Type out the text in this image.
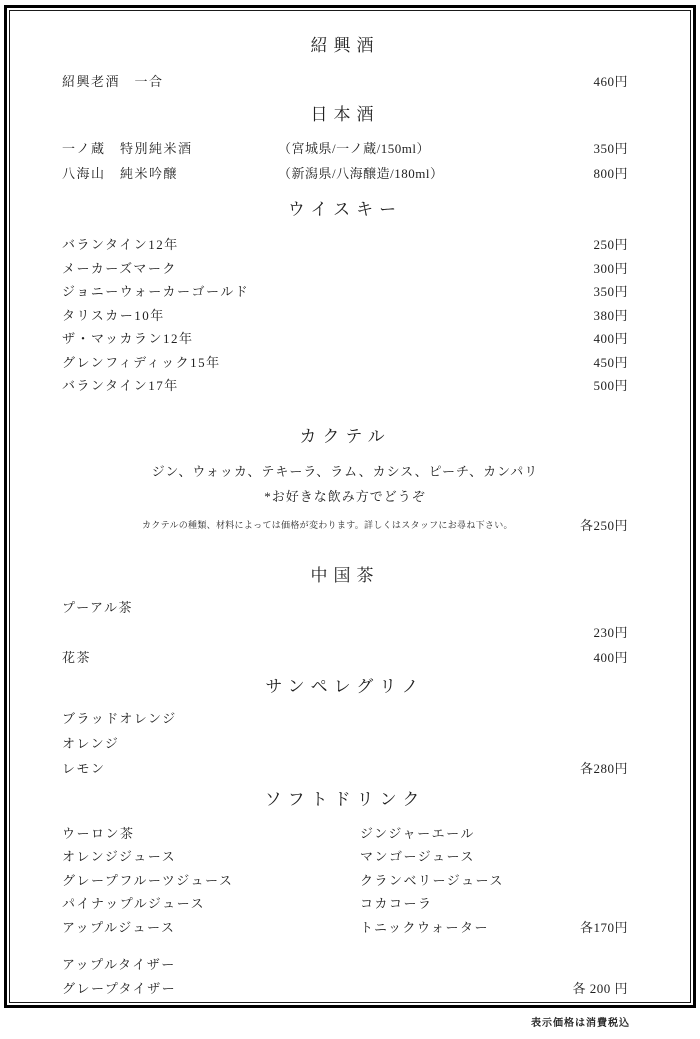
紹興酒
紹興老酒　一合	460円
日本酒
一ノ蔵　特別純米酒	（宮城県/一ノ蔵/150ml）	350円
八海山　純米吟醸	（新潟県/八海醸造/180ml）	800円
ウイスキー
バランタイン12年	250円
メーカーズマーク	300円
ジョニーウォーカーゴールド	350円
タリスカー10年	380円
ザ・マッカラン12年	400円
グレンフィディック15年	450円
バランタイン17年	500円
カクテル
ジン、ウォッカ、テキーラ、ラム、カシス、ピーチ、カンパリ
*お好きな飲み方でどうぞ
カクテルの種類、材料によっては価格が変わります。詳しくはスタッフにお尋ね下さい。	各250円
中国茶
プーアル茶
230円
花茶	400円
サンペレグリノ
ブラッドオレンジ
オレンジ
レモン	各280円
ソフトドリンク
ウーロン茶	ジンジャーエール
オレンジジュース	マンゴージュース
グレープフルーツジュース	クランベリージュース
パイナップルジュース	コカコーラ
アップルジュース	トニックウォーター	各170円
アップルタイザー
グレープタイザー	各 200 円
表示価格は消費税込
